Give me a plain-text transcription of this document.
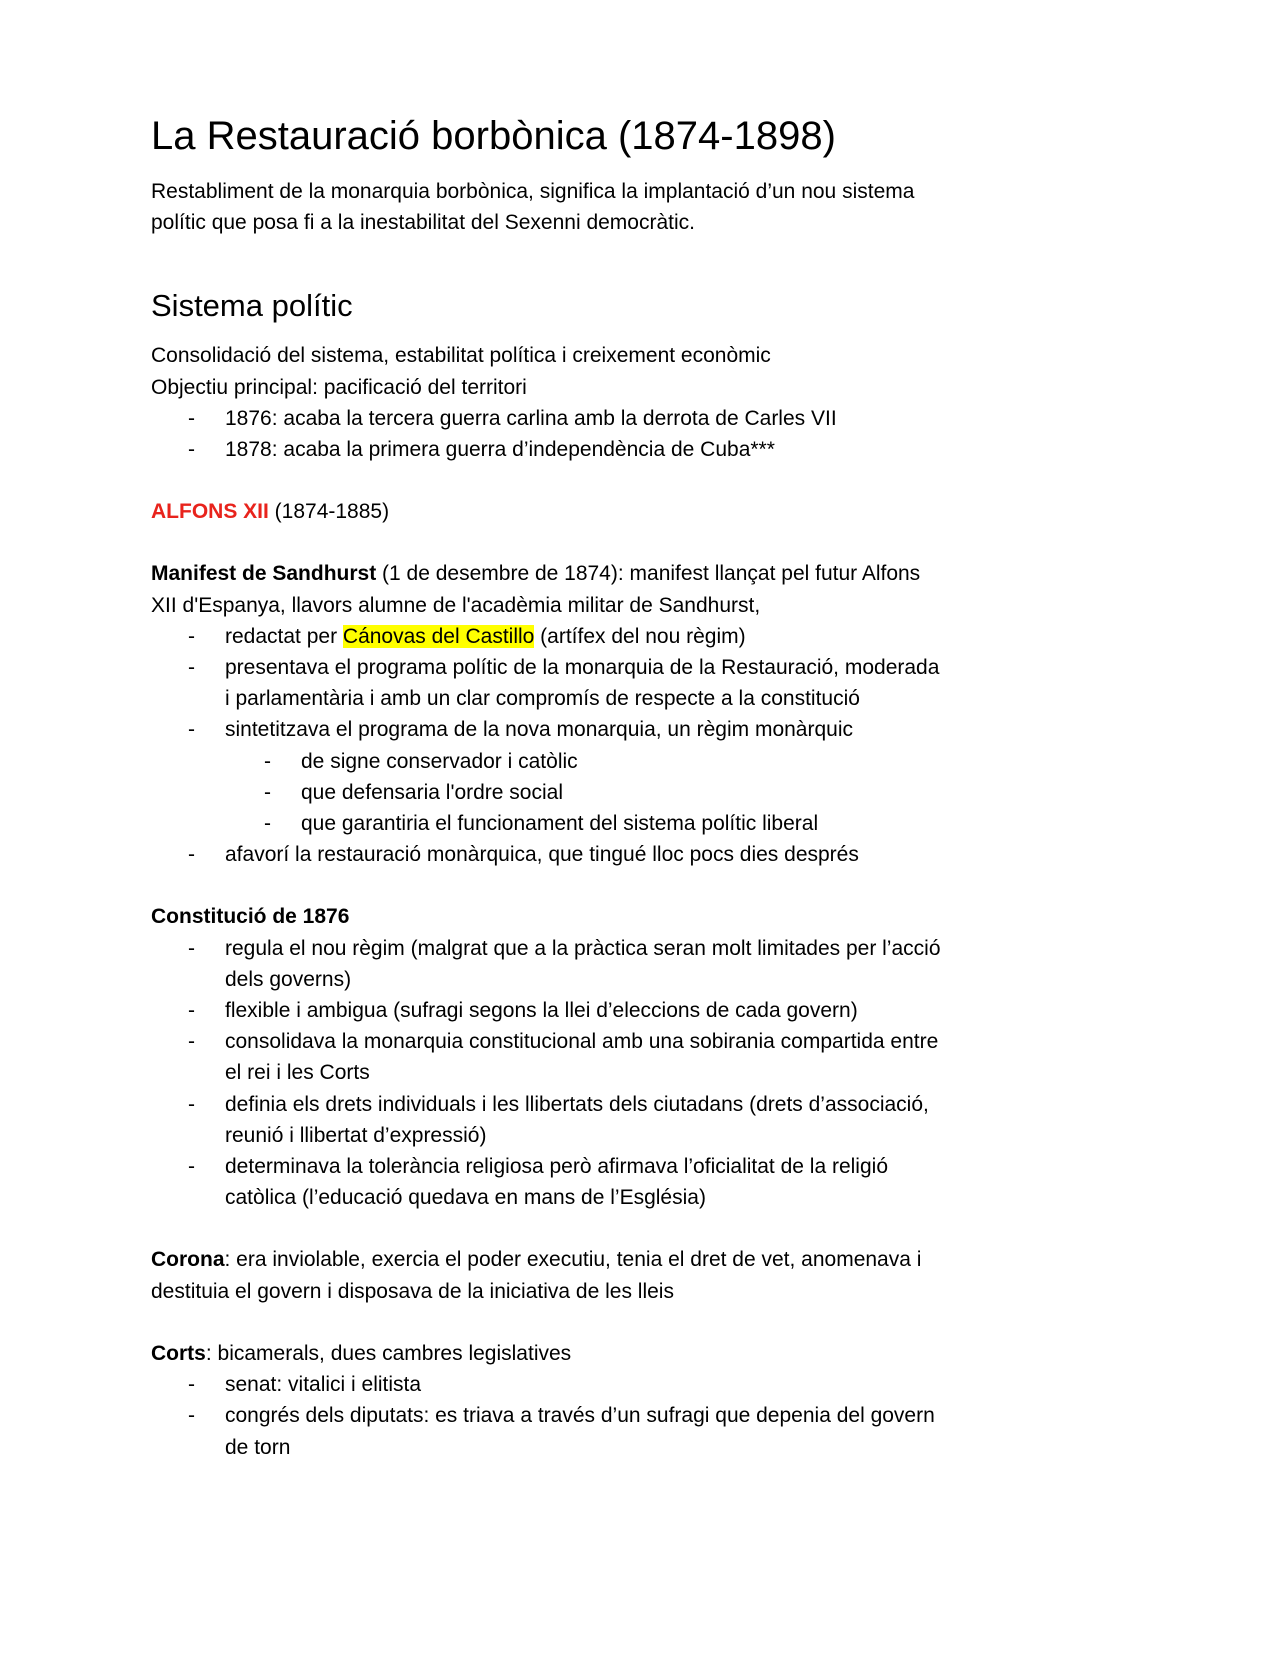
La Restauració borbònica (1874-1898)

Restabliment de la monarquia borbònica, significa la implantació d’un nou sistema polític que posa fi a la inestabilitat del Sexenni democràtic.

Sistema polític
Consolidació del sistema, estabilitat política i creixement econòmic
Objectiu principal: pacificació del territori
- 1876: acaba la tercera guerra carlina amb la derrota de Carles VII
- 1878: acaba la primera guerra d’independència de Cuba***
ALFONS XII (1874-1885)

Manifest de Sandhurst (1 de desembre de 1874): manifest llançat pel futur Alfons XII d'Espanya, llavors alumne de l'acadèmia militar de Sandhurst,

- redactat per Cánovas del Castillo (artífex del nou règim)
- presentava el programa polític de la monarquia de la Restauració, moderada i parlamentària i amb un clar compromís de respecte a la constitució
- sintetitzava el programa de la nova monarquia, un règim monàrquic
- de signe conservador i catòlic
- que defensaria l'ordre social
- que garantiria el funcionament del sistema polític liberal
- afavorí la restauració monàrquica, que tingué lloc pocs dies després
Constitució de 1876
- regula el nou règim (malgrat que a la pràctica seran molt limitades per l’acció dels governs)
- flexible i ambigua (sufragi segons la llei d’eleccions de cada govern)
- consolidava la monarquia constitucional amb una sobirania compartida entre el rei i les Corts
- definia els drets individuals i les llibertats dels ciutadans (drets d’associació, reunió i llibertat d’expressió)
- determinava la tolerància religiosa però afirmava l’oficialitat de la religió catòlica (l’educació quedava en mans de l’Església)

Corona: era inviolable, exercia el poder executiu, tenia el dret de vet, anomenava i destituia el govern i disposava de la iniciativa de les lleis

Corts: bicamerals, dues cambres legislatives
- senat: vitalici i elitista
- congrés dels diputats: es triava a través d’un sufragi que depenia del govern de torn
